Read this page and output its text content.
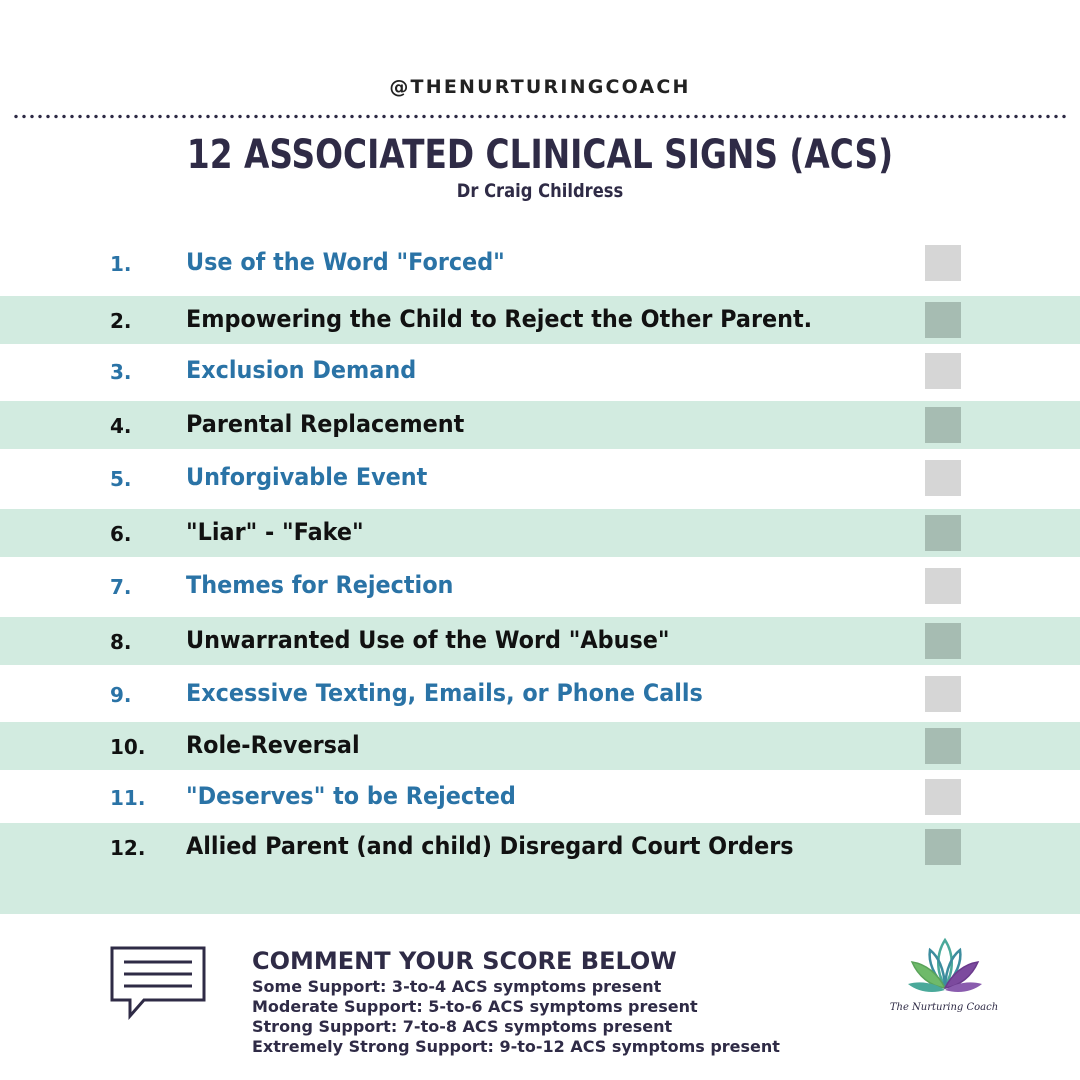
@THENURTURINGCOACH
12 ASSOCIATED CLINICAL SIGNS (ACS)
Dr Craig Childress
1. Use of the Word "Forced"
2. Empowering the Child to Reject the Other Parent.
3. Exclusion Demand
4. Parental Replacement
5. Unforgivable Event
6. "Liar" - "Fake"
7. Themes for Rejection
8. Unwarranted Use of the Word "Abuse"
9. Excessive Texting, Emails, or Phone Calls
10. Role-Reversal
11. "Deserves" to be Rejected
12. Allied Parent (and child) Disregard Court Orders
COMMENT YOUR SCORE BELOW
Some Support: 3-to-4 ACS symptoms present
Moderate Support: 5-to-6 ACS symptoms present
Strong Support: 7-to-8 ACS symptoms present
Extremely Strong Support: 9-to-12 ACS symptoms present
The Nurturing Coach
